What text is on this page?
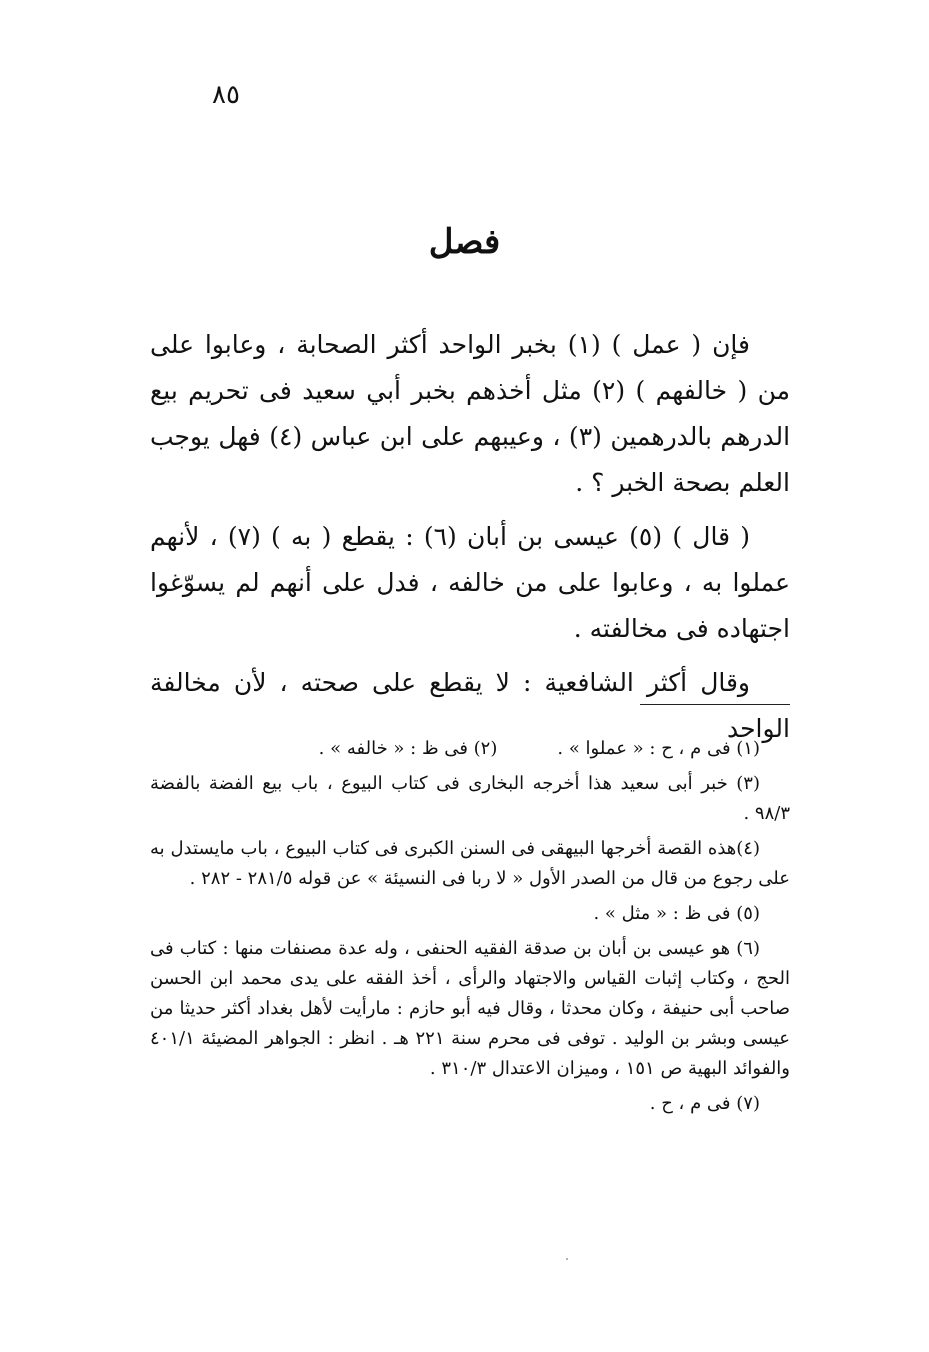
٨٥
فصل

فإن ( عمل ) (١) بخبر الواحد أكثر الصحابة ، وعابوا على من ( خالفهم ) (٢) مثل أخذهم بخبر أبي سعيد فى تحريم بيع الدرهم بالدرهمين (٣) ، وعيبهم على ابن عباس (٤) فهل يوجب العلم بصحة الخبر ؟ .

( قال ) (٥) عيسى بن أبان (٦) : يقطع ( به ) (٧) ، لأنهم عملوا به ، وعابوا على من خالفه ، فدل على أنهم لم يسوّغوا اجتهاده فى مخالفته .

وقال أكثر الشافعية : لا يقطع على صحته ، لأن مخالفة الواحد

(١) فى م ، ح : « عملوا » .(٢) فى ظ : « خالفه » .

(٣) خبر أبى سعيد هذا أخرجه البخارى فى كتاب البيوع ، باب بيع الفضة بالفضة ٩٨/٣ .

(٤)هذه القصة أخرجها البيهقى فى السنن الكبرى فى كتاب البيوع ، باب مايستدل به على رجوع من قال من الصدر الأول « لا ربا فى النسيئة » عن قوله ٢٨١/٥ - ٢٨٢ .

(٥) فى ظ : « مثل » .

(٦) هو عيسى بن أبان بن صدقة الفقيه الحنفى ، وله عدة مصنفات منها : كتاب فى الحج ، وكتاب إثبات القياس والاجتهاد والرأى ، أخذ الفقه على يدى محمد ابن الحسن صاحب أبى حنيفة ، وكان محدثا ، وقال فيه أبو حازم : مارأيت لأهل بغداد أكثر حديثا من عيسى وبشر بن الوليد . توفى فى محرم سنة ٢٢١ هـ . انظر : الجواهر المضيئة ٤٠١/١ والفوائد البهية ص ١٥١ ، وميزان الاعتدال ٣١٠/٣ .

(٧) فى م ، ح .
